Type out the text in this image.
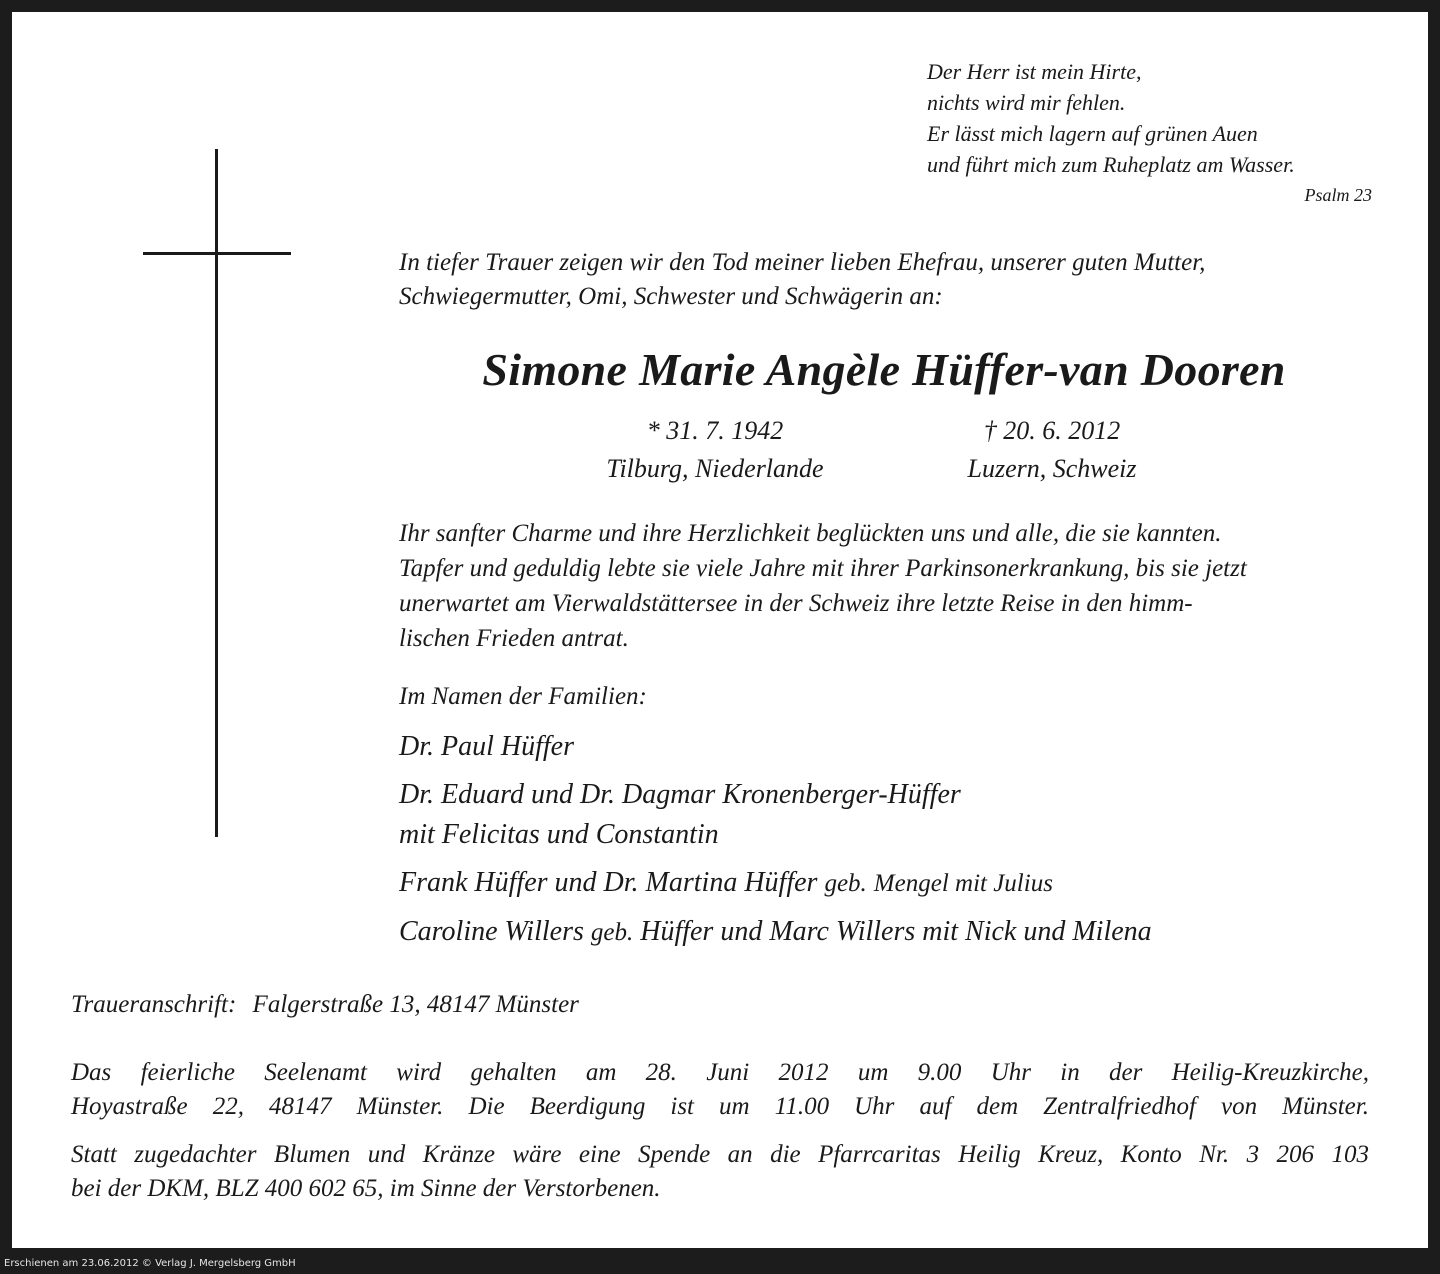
Der Herr ist mein Hirte,
nichts wird mir fehlen.
Er lässt mich lagern auf grünen Auen
und führt mich zum Ruheplatz am Wasser.
Psalm 23
In tiefer Trauer zeigen wir den Tod meiner lieben Ehefrau, unserer guten Mutter,
Schwiegermutter, Omi, Schwester und Schwägerin an:
Simone Marie Angèle Hüffer-van Dooren
* 31. 7. 1942
Tilburg, Niederlande
† 20. 6. 2012
Luzern, Schweiz
Ihr sanfter Charme und ihre Herzlichkeit beglückten uns und alle, die sie kannten.
Tapfer und geduldig lebte sie viele Jahre mit ihrer Parkinsonerkrankung, bis sie jetzt
unerwartet am Vierwaldstättersee in der Schweiz ihre letzte Reise in den himm-
lischen Frieden antrat.
Im Namen der Familien:
Dr. Paul Hüffer
Dr. Eduard und Dr. Dagmar Kronenberger-Hüffer
mit Felicitas und Constantin
Frank Hüffer und Dr. Martina Hüffer geb. Mengel mit Julius
Caroline Willers geb. Hüffer und Marc Willers mit Nick und Milena
Traueranschrift: Falgerstraße 13, 48147 Münster
Das feierliche Seelenamt wird gehalten am 28. Juni 2012 um 9.00 Uhr in der Heilig-Kreuzkirche,
Hoyastraße 22, 48147 Münster. Die Beerdigung ist um 11.00 Uhr auf dem Zentralfriedhof von Münster.
Statt zugedachter Blumen und Kränze wäre eine Spende an die Pfarrcaritas Heilig Kreuz, Konto Nr. 3 206 103
bei der DKM, BLZ 400 602 65, im Sinne der Verstorbenen.
Erschienen am 23.06.2012 © Verlag J. Mergelsberg GmbH
